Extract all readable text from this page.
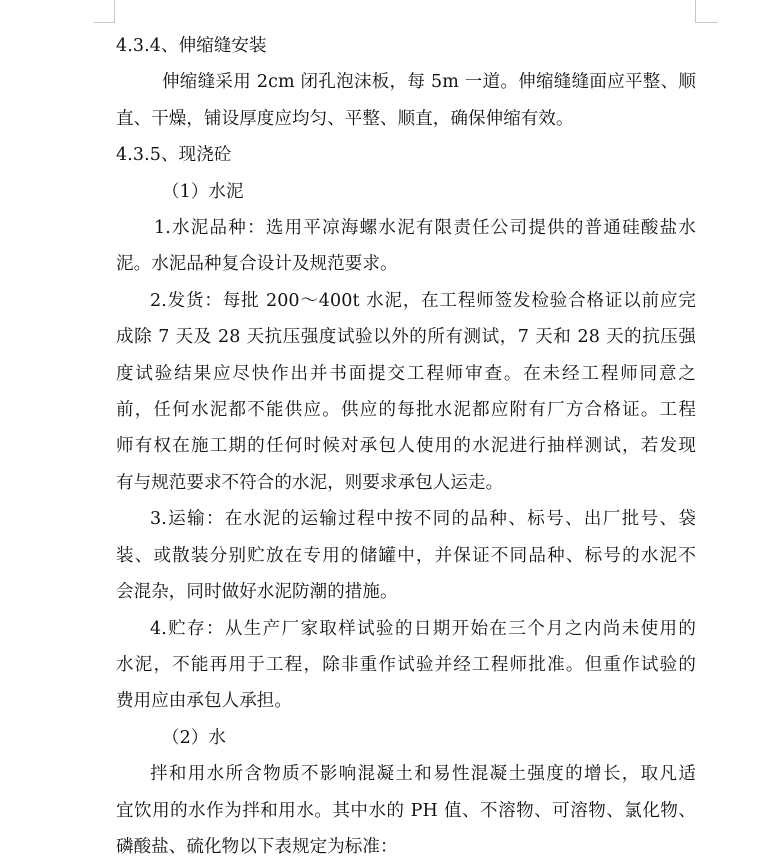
4.3.4、伸缩缝安装
伸缩缝采用 2cm 闭孔泡沫板，每 5m 一道。伸缩缝缝面应平整、顺
直、干燥，铺设厚度应均匀、平整、顺直，确保伸缩有效。
4.3.5、现浇砼
（1）水泥
1.水泥品种：选用平凉海螺水泥有限责任公司提供的普通硅酸盐水
泥。水泥品种复合设计及规范要求。
2.发货：每批 200～400t 水泥，在工程师签发检验合格证以前应完
成除 7 天及 28 天抗压强度试验以外的所有测试，7 天和 28 天的抗压强
度试验结果应尽快作出并书面提交工程师审查。在未经工程师同意之
前，任何水泥都不能供应。供应的每批水泥都应附有厂方合格证。工程
师有权在施工期的任何时候对承包人使用的水泥进行抽样测试，若发现
有与规范要求不符合的水泥，则要求承包人运走。
3.运输：在水泥的运输过程中按不同的品种、标号、出厂批号、袋
装、或散装分别贮放在专用的储罐中，并保证不同品种、标号的水泥不
会混杂，同时做好水泥防潮的措施。
4.贮存：从生产厂家取样试验的日期开始在三个月之内尚未使用的
水泥，不能再用于工程，除非重作试验并经工程师批准。但重作试验的
费用应由承包人承担。
（2）水
拌和用水所含物质不影响混凝土和易性混凝土强度的增长，取凡适
宜饮用的水作为拌和用水。其中水的 PH 值、不溶物、可溶物、氯化物、
磷酸盐、硫化物以下表规定为标准：
